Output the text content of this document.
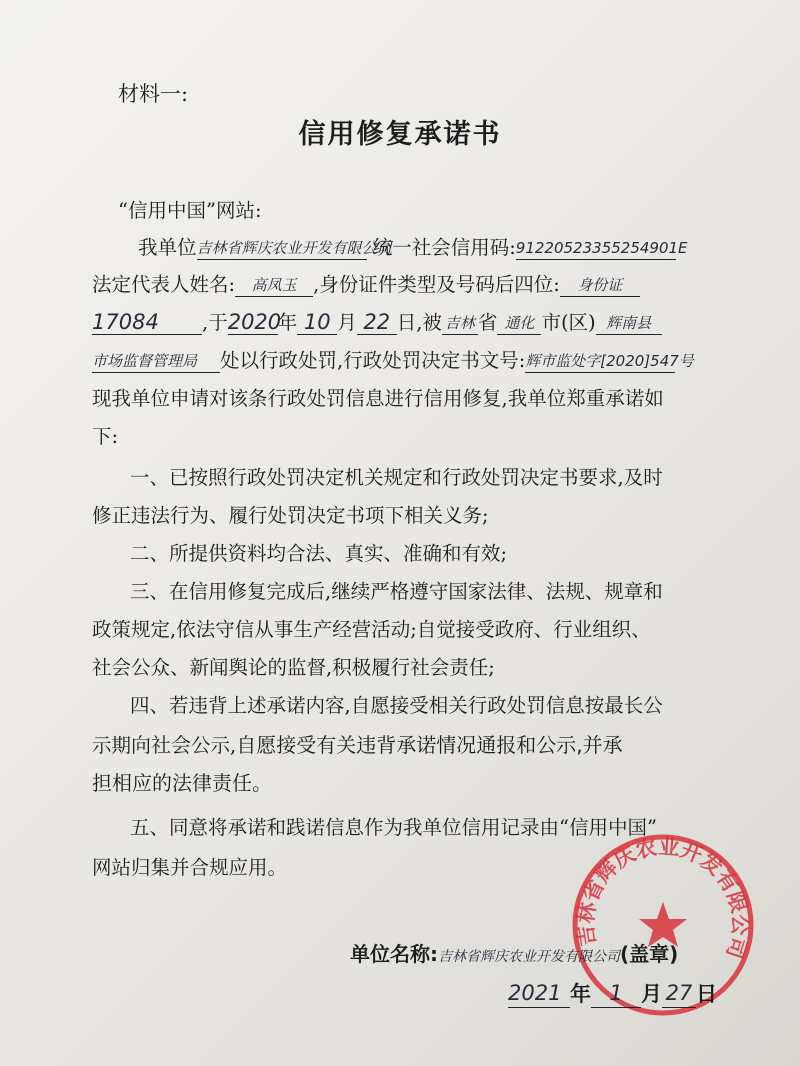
材料一:
信用修复承诺书
“信用中国”网站:
我单位吉林省辉庆农业开发有限公司 统一社会信用码:91220523355254901E
法定代表人姓名: 高凤玉 ,身份证件类型及号码后四位: 身份证
17084 ,于2020年 10 月 22 日,被 吉林 省 通化 市(区) 辉南县
市场监督管理局 处以行政处罚,行政处罚决定书文号:辉市监处字[2020]547号
现我单位申请对该条行政处罚信息进行信用修复,我单位郑重承诺如
下:
一、已按照行政处罚决定机关规定和行政处罚决定书要求,及时
修正违法行为、履行处罚决定书项下相关义务;
二、所提供资料均合法、真实、准确和有效;
三、在信用修复完成后,继续严格遵守国家法律、法规、规章和
政策规定,依法守信从事生产经营活动;自觉接受政府、行业组织、
社会公众、新闻舆论的监督,积极履行社会责任;
四、若违背上述承诺内容,自愿接受相关行政处罚信息按最长公
示期向社会公示,自愿接受有关违背承诺情况通报和公示,并承
担相应的法律责任。
五、同意将承诺和践诺信息作为我单位信用记录由“信用中国”
网站归集并合规应用。
吉林省辉庆农业开发有限公司
单位名称:吉林省辉庆农业开发有限公司(盖章)
2021 年 1 月 27 日
